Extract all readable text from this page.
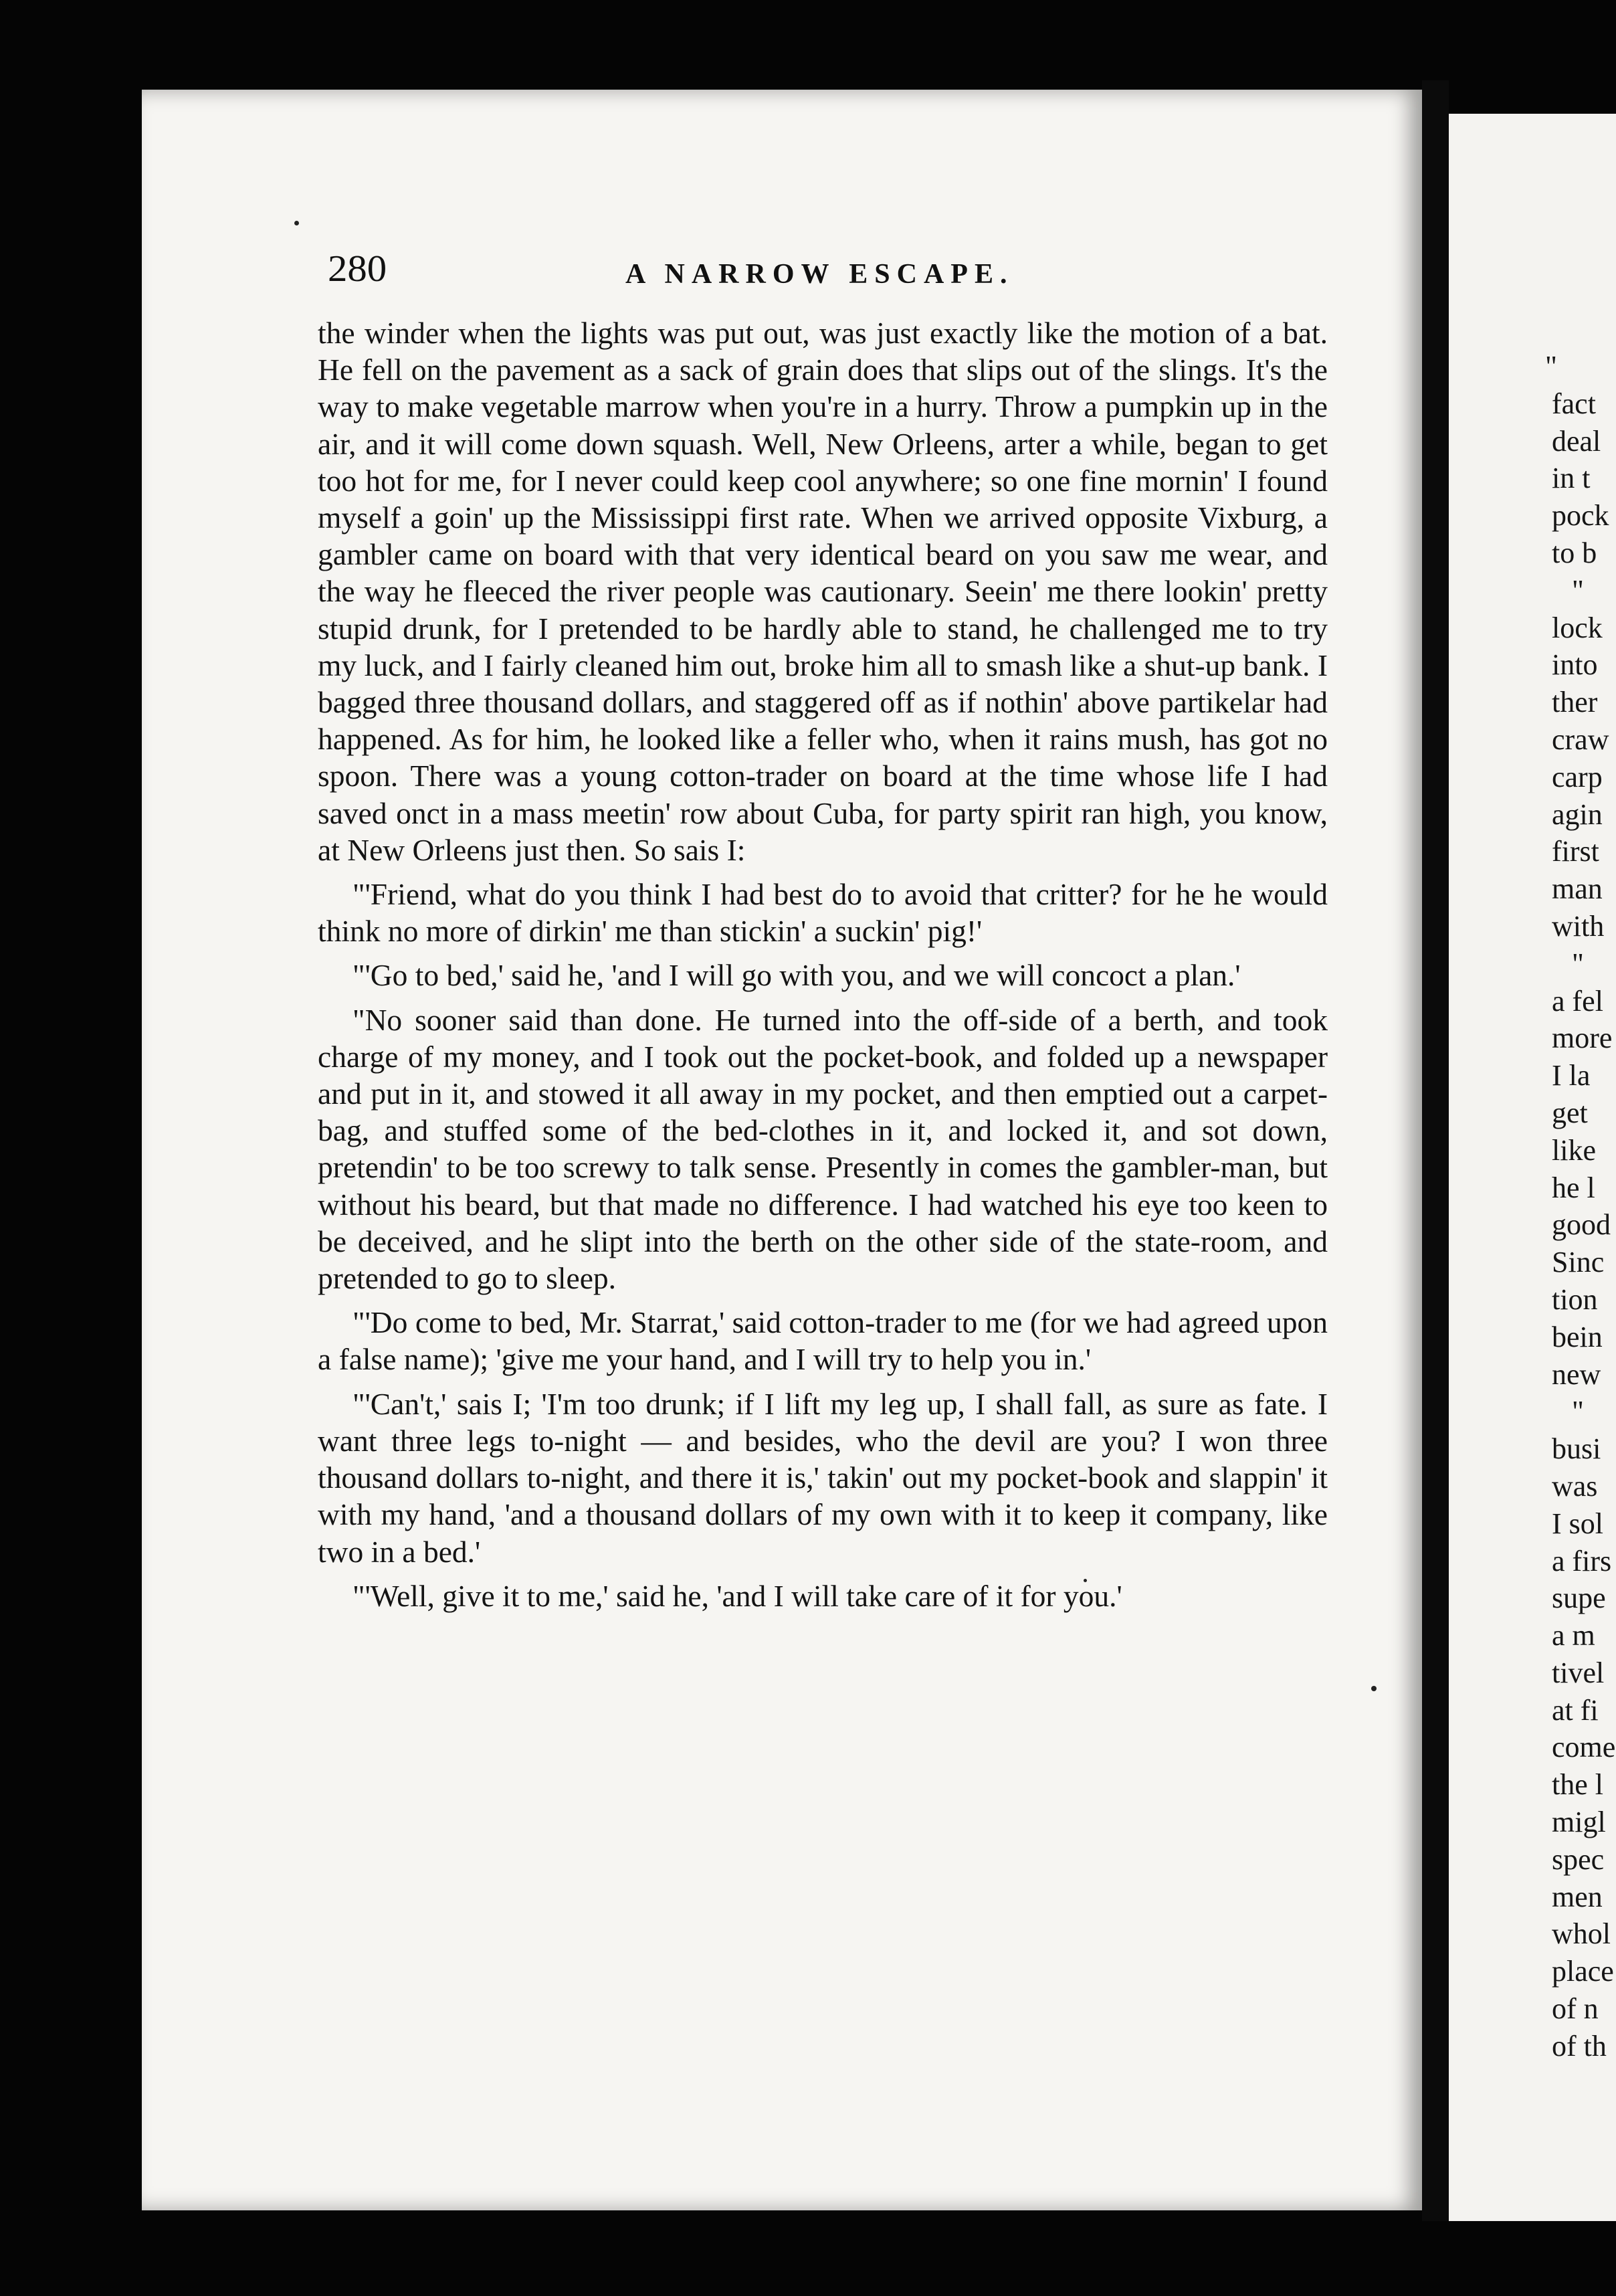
280	A NARROW ESCAPE.

the winder when the lights was put out, was just exactly like the motion of a bat. He fell on the pavement as a sack of grain does that slips out of the slings. It's the way to make vegetable marrow when you're in a hurry. Throw a pumpkin up in the air, and it will come down squash. Well, New Orleens, arter a while, began to get too hot for me, for I never could keep cool anywhere; so one fine mornin' I found myself a goin' up the Mississippi first rate. When we arrived opposite Vixburg, a gambler came on board with that very identical beard on you saw me wear, and the way he fleeced the river people was cautionary. Seein' me there lookin' pretty stupid drunk, for I pretended to be hardly able to stand, he challenged me to try my luck, and I fairly cleaned him out, broke him all to smash like a shut-up bank. I bagged three thousand dollars, and staggered off as if nothin' above partikelar had happened. As for him, he looked like a feller who, when it rains mush, has got no spoon. There was a young cotton-trader on board at the time whose life I had saved onct in a mass meetin' row about Cuba, for party spirit ran high, you know, at New Orleens just then. So sais I:

"'Friend, what do you think I had best do to avoid that critter? for he he would think no more of dirkin' me than stickin' a suckin' pig!'

"'Go to bed,' said he, 'and I will go with you, and we will concoct a plan.'

"No sooner said than done. He turned into the off-side of a berth, and took charge of my money, and I took out the pocket-book, and folded up a newspaper and put in it, and stowed it all away in my pocket, and then emptied out a carpet-bag, and stuffed some of the bed-clothes in it, and locked it, and sot down, pretendin' to be too screwy to talk sense. Presently in comes the gambler-man, but without his beard, but that made no difference. I had watched his eye too keen to be deceived, and he slipt into the berth on the other side of the state-room, and pretended to go to sleep.

"'Do come to bed, Mr. Starrat,' said cotton-trader to me (for we had agreed upon a false name); 'give me your hand, and I will try to help you in.'

"'Can't,' sais I; 'I'm too drunk; if I lift my leg up, I shall fall, as sure as fate. I want three legs to-night — and besides, who the devil are you? I won three thousand dollars to-night, and there it is,' takin' out my pocket-book and slappin' it with my hand, 'and a thousand dollars of my own with it to keep it company, like two in a bed.'

"'Well, give it to me,' said he, 'and I will take care of it for you.'

"
fact
deal
in t
pock
to b
"
lock
into
ther
craw
carp
agin
first
man
with
"
a fel
more
I la
get
like
he l
good
Sinc
tion
bein
new
"
busi
was
I sol
a firs
supe
a m
tivel
at fi
come
the l
migl
spec
men
whol
place
of n
of th
